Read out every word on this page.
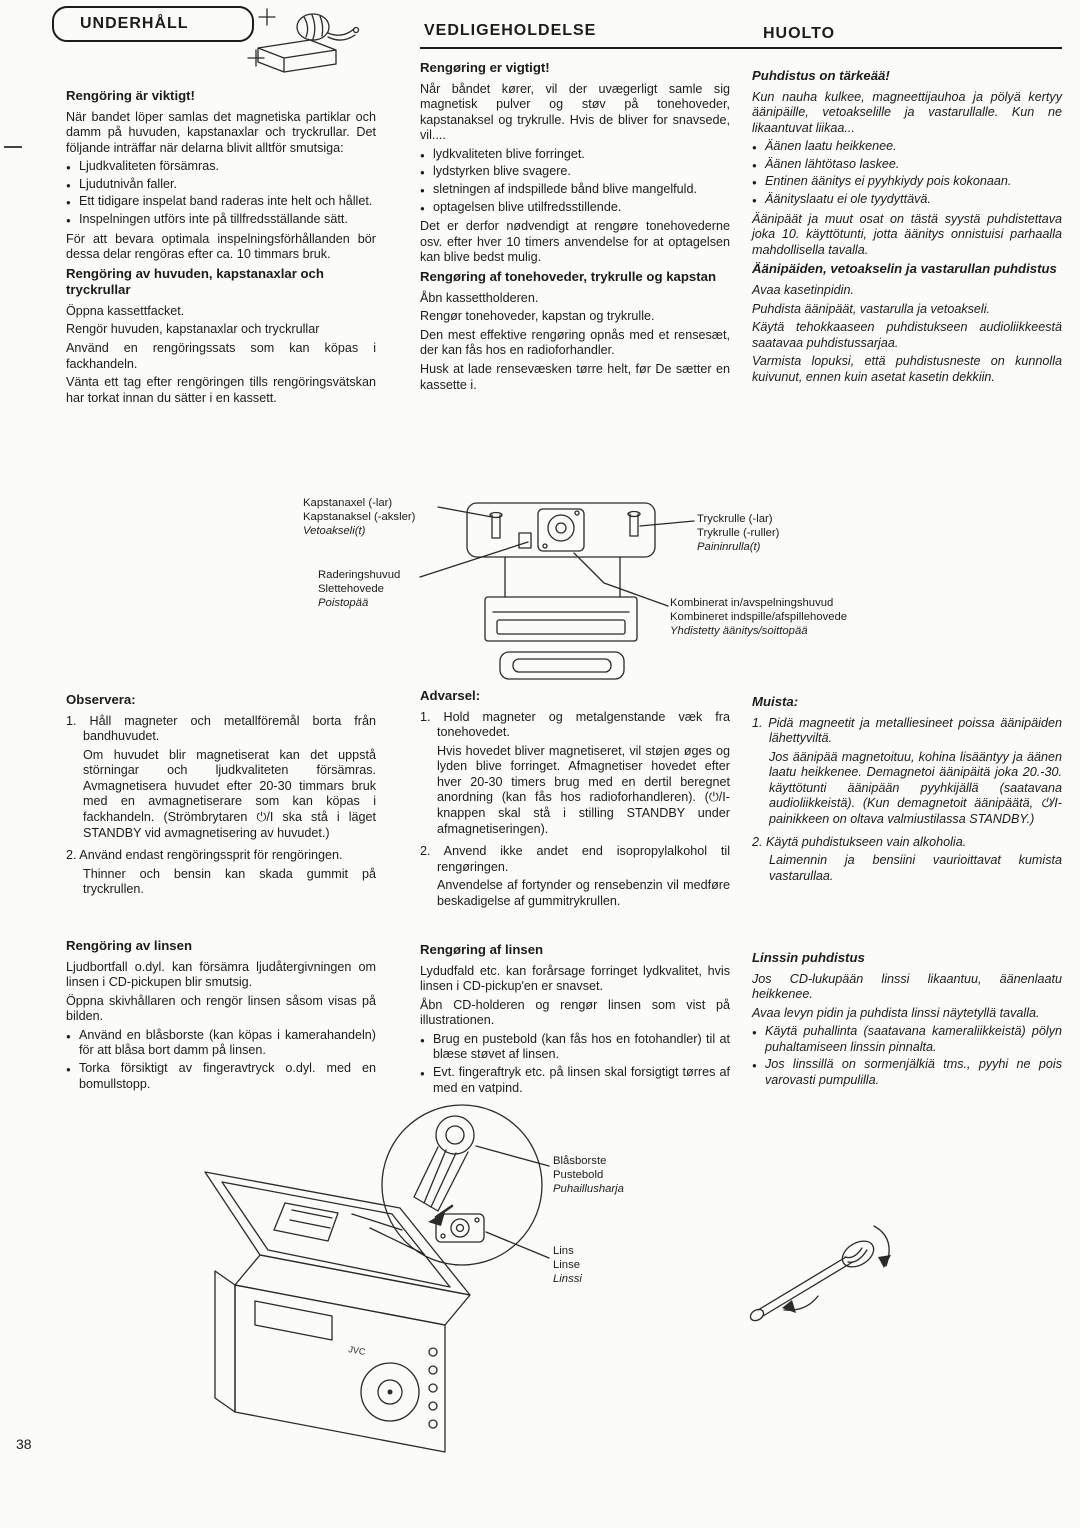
JVC
UNDERHÅLL	VEDLIGEHOLDELSE	HUOLTO
Rengöring är viktigt!

När bandet löper samlas det magnetiska partiklar och damm på huvuden, kapstanaxlar och tryckrullar. Det följande inträffar när delarna blivit alltför smutsiga:

● Ljudkvaliteten försämras.
● Ljudutnivån faller.
● Ett tidigare inspelat band raderas inte helt och hållet.
● Inspelningen utförs inte på tillfredsställande sätt.

För att bevara optimala inspelningsförhållanden bör dessa delar rengöras efter ca. 10 timmars bruk.

Rengöring av huvuden, kapstanaxlar och tryckrullar

Öppna kassettfacket.

Rengör huvuden, kapstanaxlar och tryckrullar

Använd en rengöringssats som kan köpas i fackhandeln.

Vänta ett tag efter rengöringen tills rengöringsvätskan har torkat innan du sätter i en kassett.

Rengøring er vigtigt!

Når båndet kører, vil der uvægerligt samle sig magnetisk pulver og støv på tonehoveder, kapstanaksel og trykrulle. Hvis de bliver for snavsede, vil....

● lydkvaliteten blive forringet.
● lydstyrken blive svagere.
● sletningen af indspillede bånd blive mangelfuld.
● optagelsen blive utilfredsstillende.

Det er derfor nødvendigt at rengøre tonehovederne osv. efter hver 10 timers anvendelse for at optagelsen kan blive bedst mulig.

Rengøring af tonehoveder, trykrulle og kapstan

Åbn kassettholderen.

Rengør tonehoveder, kapstan og trykrulle.

Den mest effektive rengøring opnås med et rensesæt, der kan fås hos en radioforhandler.

Husk at lade rensevæsken tørre helt, før De sætter en kassette i.

Puhdistus on tärkeää!

Kun nauha kulkee, magneettijauhoa ja pölyä kertyy äänipäille, vetoakselille ja vastarullalle. Kun ne likaantuvat liikaa...

● Äänen laatu heikkenee.
● Äänen lähtötaso laskee.
● Entinen äänitys ei pyyhkiydy pois kokonaan.
● Äänityslaatu ei ole tyydyttävä.

Äänipäät ja muut osat on tästä syystä puhdistettava joka 10. käyttötunti, jotta äänitys onnistuisi parhaalla mahdollisella tavalla.

Äänipäiden, vetoakselin ja vastarullan puhdistus

Avaa kasetinpidin.

Puhdista äänipäät, vastarulla ja vetoakseli.

Käytä tehokkaaseen puhdistukseen audioliikkeestä saatavaa puhdistussarjaa.

Varmista lopuksi, että puhdistusneste on kunnolla kuivunut, ennen kuin asetat kasetin dekkiin.

Kapstanaxel (-lar)
Kapstanaksel (-aksler)
Vetoakseli(t)
Tryckrulle (-lar)
Trykrulle (-ruller)
Paininrulla(t)
Raderingshuvud
Slettehovede
Poistopää	Kombinerat in/avspelningshuvud
Kombineret indspille/afspillehovede
Yhdistetty äänitys/soittopää
Observera:

1. Håll magneter och metallföremål borta från bandhuvudet.

Om huvudet blir magnetiserat kan det uppstå störningar och ljudkvaliteten försämras. Avmagnetisera huvudet efter 20-30 timmars bruk med en avmagnetiserare som kan köpas i fackhandeln. (Strömbrytaren ⏻/I ska stå i läget STANDBY vid avmagnetisering av huvudet.)

2. Använd endast rengöringssprit för rengöringen.

Thinner och bensin kan skada gummit på tryckrullen.

Advarsel:

1. Hold magneter og metalgenstande væk fra tonehovedet.

Hvis hovedet bliver magnetiseret, vil støjen øges og lyden blive forringet. Afmagnetiser hovedet efter hver 20-30 timers brug med en dertil beregnet anordning (kan fås hos radioforhandleren). (⏻/I-knappen skal stå i stilling STANDBY under afmagnetiseringen).

2. Anvend ikke andet end isopropylalkohol til rengøringen.

Anvendelse af fortynder og rensebenzin vil medføre beskadigelse af gummitrykrullen.

Muista:

1. Pidä magneetit ja metalliesineet poissa äänipäiden lähettyviltä.

Jos äänipää magnetoituu, kohina lisääntyy ja äänen laatu heikkenee. Demagnetoi äänipäitä joka 20.-30. käyttötunti äänipään pyyhkijällä (saatavana audioliikkeistä). (Kun demagnetoit äänipäätä, ⏻/I-painikkeen on oltava valmiustilassa STANDBY.)

2. Käytä puhdistukseen vain alkoholia.

Laimennin ja bensiini vaurioittavat kumista vastarullaa.

Rengöring av linsen

Ljudbortfall o.dyl. kan försämra ljudåtergivningen om linsen i CD-pickupen blir smutsig.

Öppna skivhållaren och rengör linsen såsom visas på bilden.

● Använd en blåsborste (kan köpas i kamerahandeln) för att blåsa bort damm på linsen.
● Torka försiktigt av fingeravtryck o.dyl. med en bomullstopp.
Rengøring af linsen

Lydudfald etc. kan forårsage forringet lydkvalitet, hvis linsen i CD-pickup'en er snavset.

Åbn CD-holderen og rengør linsen som vist på illustrationen.

● Brug en pustebold (kan fås hos en fotohandler) til at blæse støvet af linsen.
● Evt. fingeraftryk etc. på linsen skal forsigtigt tørres af med en vatpind.
Linssin puhdistus

Jos CD-lukupään linssi likaantuu, äänenlaatu heikkenee.

Avaa levyn pidin ja puhdista linssi näytetyllä tavalla.

● Käytä puhallinta (saatavana kameraliikkeistä) pölyn puhaltamiseen linssin pinnalta.
● Jos linssillä on sormenjälkiä tms., pyyhi ne pois varovasti pumpulilla.
Blåsborste
Pustebold
Puhaillusharja
Lins
Linse
Linssi
38
